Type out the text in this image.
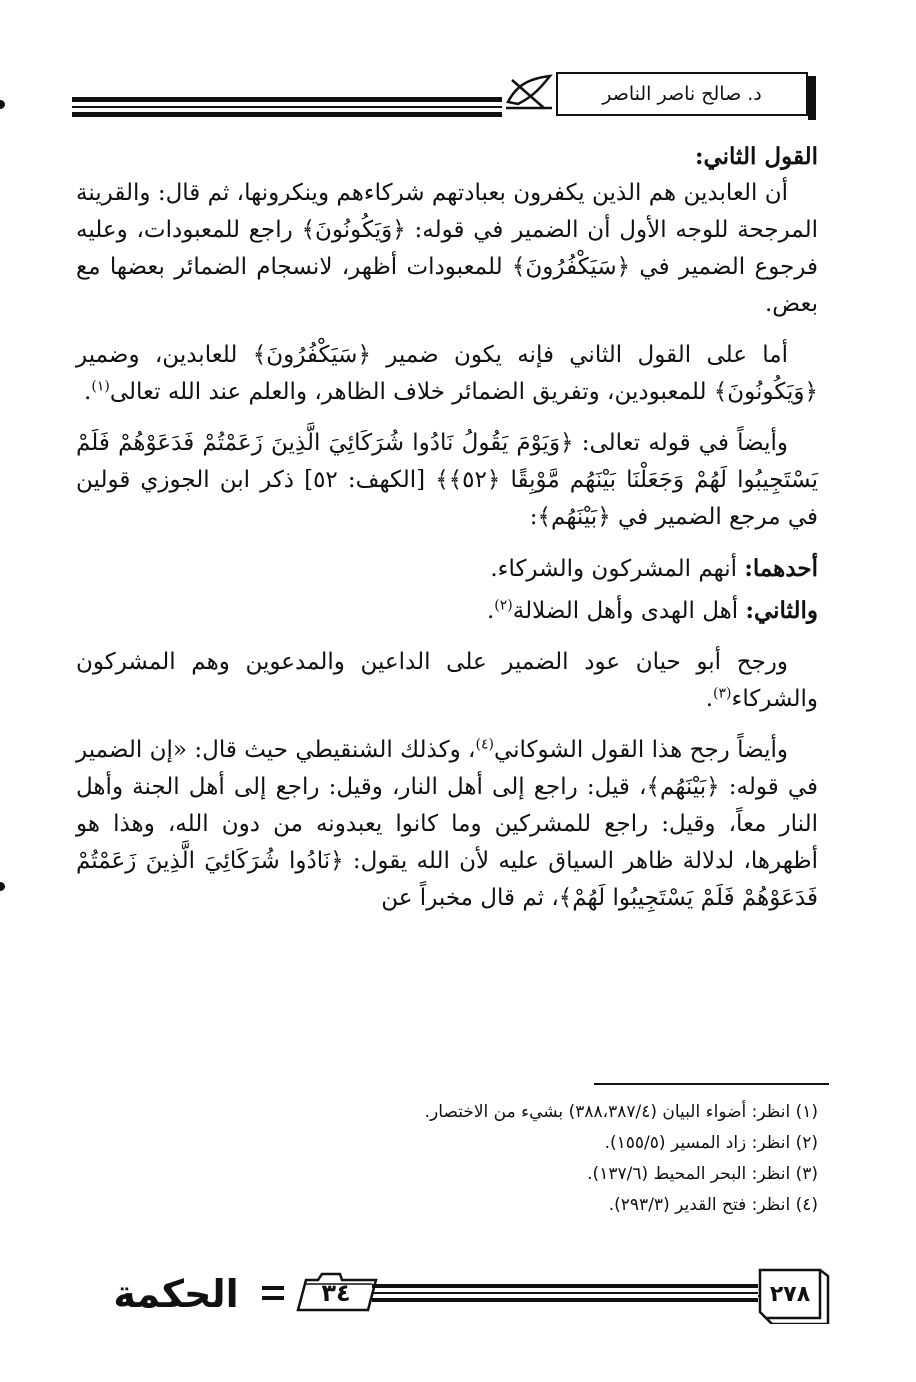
د. صالح ناصر الناصر

القول الثاني:

أن العابدين هم الذين يكفرون بعبادتهم شركاءهم وينكرونها، ثم قال: والقرينة المرجحة للوجه الأول أن الضمير في قوله: ﴿وَيَكُونُونَ﴾ راجع للمعبودات، وعليه فرجوع الضمير في ﴿سَيَكْفُرُونَ﴾ للمعبودات أظهر، لانسجام الضمائر بعضها مع بعض.

أما على القول الثاني فإنه يكون ضمير ﴿سَيَكْفُرُونَ﴾ للعابدين، وضمير ﴿وَيَكُونُونَ﴾ للمعبودين، وتفريق الضمائر خلاف الظاهر، والعلم عند الله تعالى$^{(١)}$.

وأيضاً في قوله تعالى: ﴿وَيَوْمَ يَقُولُ نَادُوا شُرَكَائِيَ الَّذِينَ زَعَمْتُمْ فَدَعَوْهُمْ فَلَمْ يَسْتَجِيبُوا لَهُمْ وَجَعَلْنَا بَيْنَهُم مَّوْبِقًا ﴿٥٢﴾﴾ [الكهف: ٥٢] ذكر ابن الجوزي قولين في مرجع الضمير في ﴿بَيْنَهُم﴾:

أحدهما: أنهم المشركون والشركاء.

والثاني: أهل الهدى وأهل الضلالة$^{(٢)}$.

ورجح أبو حيان عود الضمير على الداعين والمدعوين وهم المشركون والشركاء$^{(٣)}$.

وأيضاً رجح هذا القول الشوكاني$^{(٤)}$، وكذلك الشنقيطي حيث قال: «إن الضمير في قوله: ﴿بَيْنَهُم﴾، قيل: راجع إلى أهل النار، وقيل: راجع إلى أهل الجنة وأهل النار معاً، وقيل: راجع للمشركين وما كانوا يعبدونه من دون الله، وهذا هو أظهرها، لدلالة ظاهر السياق عليه لأن الله يقول: ﴿نَادُوا شُرَكَائِيَ الَّذِينَ زَعَمْتُمْ فَدَعَوْهُمْ فَلَمْ يَسْتَجِيبُوا لَهُمْ﴾، ثم قال مخبراً عن

(١) انظر: أضواء البيان (٣٨٨،٣٨٧/٤) بشيء من الاختصار.

(٢) انظر: زاد المسير (١٥٥/٥).

(٣) انظر: البحر المحيط (١٣٧/٦).

(٤) انظر: فتح القدير (٢٩٣/٣).

الحكمة	٣٤	٢٧٨
